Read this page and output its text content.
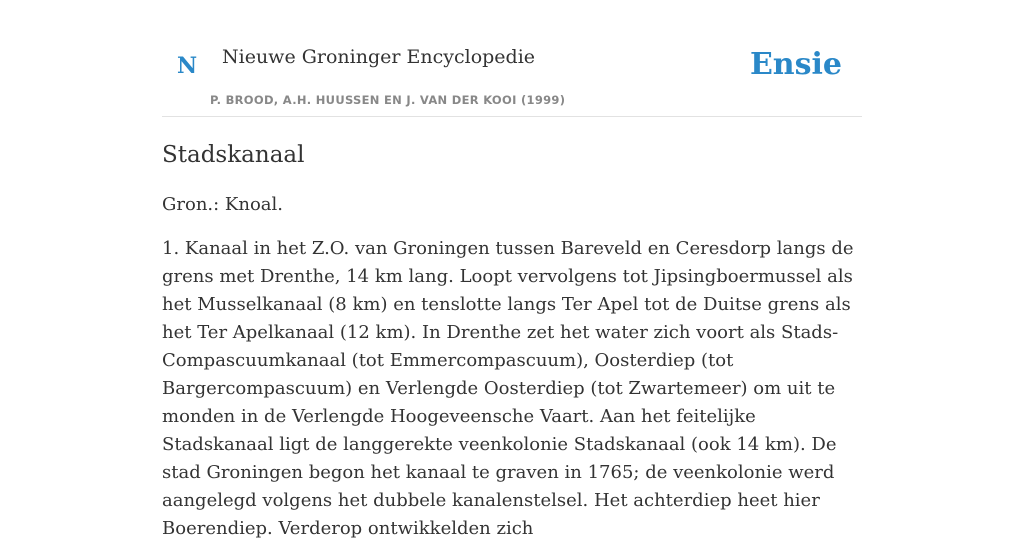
N Nieuwe Groninger Encyclopedie
P. BROOD, A.H. HUUSSEN EN J. VAN DER KOOI (1999)
Ensie
Stadskanaal

Gron.: Knoal.

1. Kanaal in het Z.O. van Groningen tussen Bareveld en Ceresdorp langs de grens met Drenthe, 14 km lang. Loopt vervolgens tot Jipsingboermussel als het Musselkanaal (8 km) en tenslotte langs Ter Apel tot de Duitse grens als het Ter Apelkanaal (12 km). In Drenthe zet het water zich voort als Stads-Compascuumkanaal (tot Emmercompascuum), Oosterdiep (tot Bargercompascuum) en Verlengde Oosterdiep (tot Zwartemeer) om uit te monden in de Verlengde Hoogeveensche Vaart. Aan het feitelijke Stadskanaal ligt de langgerekte veenkolonie Stadskanaal (ook 14 km). De stad Groningen begon het kanaal te graven in 1765; de veenkolonie werd aangelegd volgens het dubbele kanalenstelsel. Het achterdiep heet hier Boerendiep. Verderop ontwikkelden zich
